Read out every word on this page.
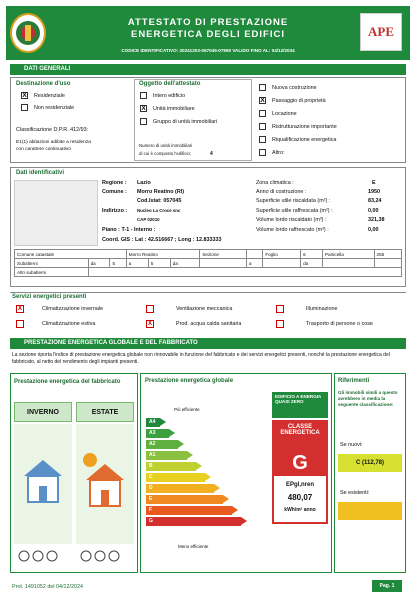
ATTESTATO DI PRESTAZIONE
ENERGETICA DEGLI EDIFICI
CODICE IDENTIFICATIVO: 20241203-057045-07960 VALIDO FINO AL: 04/12/2034
APE
DATI GENERALI
Destinazione d'uso
X Residenziale
Non residenziale
Classificazione D.P.R. 412/93:
E1(1) abitazioni adibite a residenza
con carattere continuativo
Oggetto dell'attestato
Intero edificio
X Unità immobiliare
Gruppo di unità immobiliari
Numero di unità immobiliari
di cui è composto l'edificio:	4
Nuova costruzione
X Passaggio di proprietà
Locazione
Ristrutturazione importante
Riqualificazione energetica
Altro:
Dati identificativi
Regione : Lazio
Comune : Morro Reatino (RI)
Cod.Istat: 057045
Indirizzo : Nucleo La Croce snc
CAP 02010
Piano : T-1 - Interno :
Coord. GIS : Lat : 42.516667 ; Long : 12.833333
Zona climatica :	E
Anno di costruzione :	1950
Superficie utile riscaldata (m²) :	83,24
Superficie utile raffrescata (m²) :	0,00
Volume lordo riscaldato (m³) :	321,38
Volume lordo raffrescato (m³) :	0,00
Comune catastale			Morro Reatino			Sezione		Foglio	6	Particella	255
Subalterni	da	5	a	5	da		a		da		
Altri subalterni											
Servizi energetici presenti
X	Climatizzazione invernale
Climatizzazione estiva
Ventilazione meccanica
X	Prod. acqua calda sanitaria
Illuminazione
Trasporto di persone o cose
PRESTAZIONE ENERGETICA GLOBALE E DEL FABBRICATO
La sezione riporta l'indice di prestazione energetica globale non rinnovabile in funzione del fabbricato e dei servizi energetici presenti, nonché la prestazione energetica del fabbricato, al netto del rendimento degli impianti presenti.
Prestazione energetica del fabbricato
INVERNO	ESTATE
Prestazione energetica globale
Più efficiente
Meno efficiente
EDIFICIO A ENERGIA QUASI ZERO
CLASSE ENERGETICA
G
EPgl,nren
480,07
kWh/m² anno
Riferimenti
Gli immobili simili a questo avrebbero in media la seguente classificazione:
Se nuovi:
C (112,78)
Se esistenti:
Prot. 1491052 del 04/12/2024	Pag. 1
A4
A3
A2
A1
B
C
D
E
F
G
